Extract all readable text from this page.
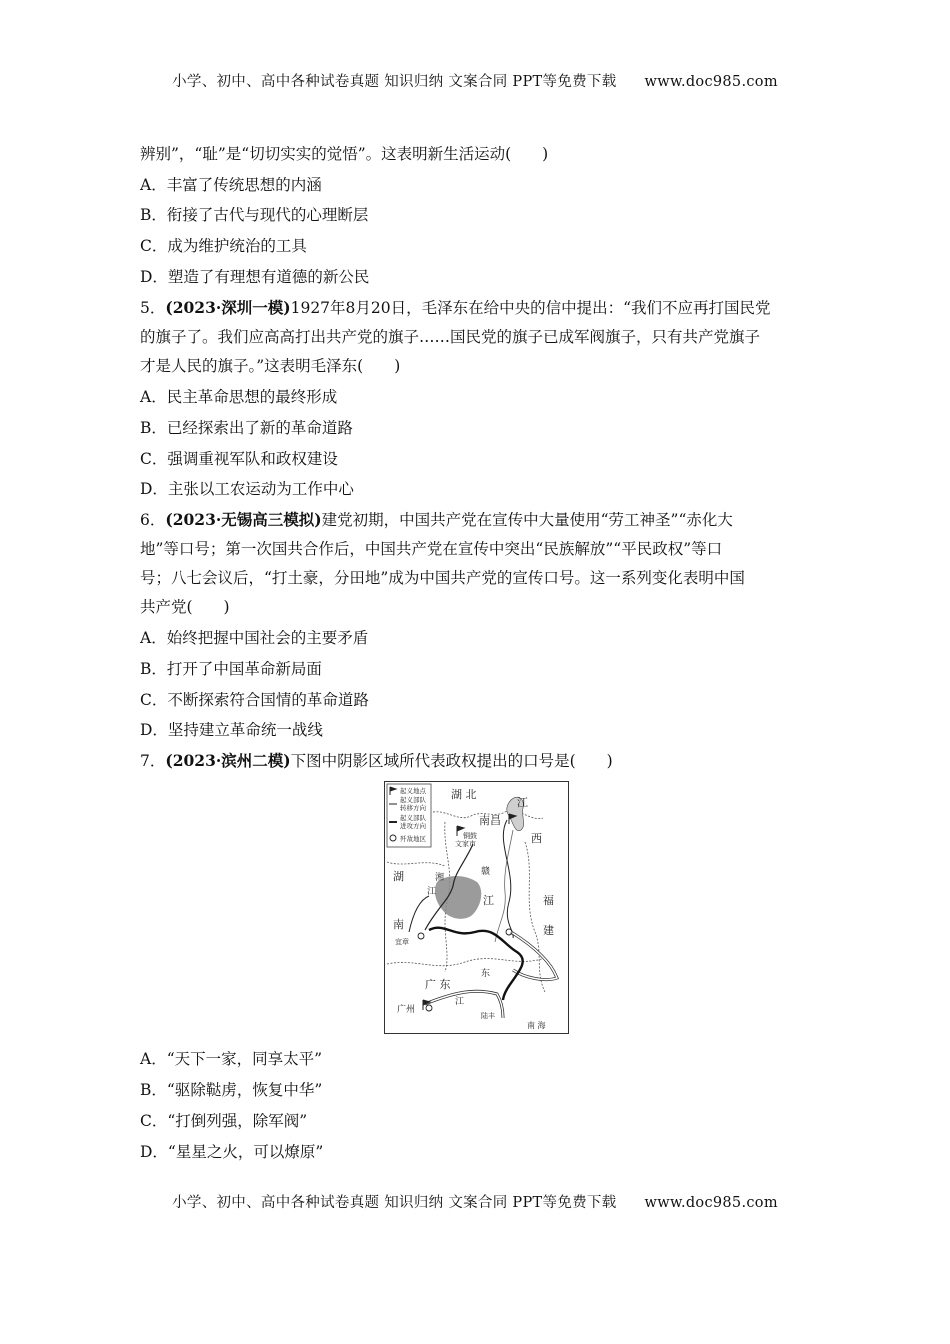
小学、初中、高中各种试卷真题 知识归纳 文案合同 PPT等免费下载 www.doc985.com
辨别”，“耻”是“切切实实的觉悟”。这表明新生活运动(　　)
A．丰富了传统思想的内涵
B．衔接了古代与现代的心理断层
C．成为维护统治的工具
D．塑造了有理想有道德的新公民
5．(2023·深圳一模)1927年8月20日，毛泽东在给中央的信中提出：“我们不应再打国民党
的旗子了。我们应高高打出共产党的旗子……国民党的旗子已成军阀旗子，只有共产党旗子
才是人民的旗子。”这表明毛泽东(　　)
A．民主革命思想的最终形成
B．已经探索出了新的革命道路
C．强调重视军队和政权建设
D．主张以工农运动为工作中心
6．(2023·无锡高三模拟)建党初期，中国共产党在宣传中大量使用“劳工神圣”“赤化大
地”等口号；第一次国共合作后，中国共产党在宣传中突出“民族解放”“平民政权”等口
号；八七会议后，“打土豪，分田地”成为中国共产党的宣传口号。这一系列变化表明中国
共产党(　　)
A．始终把握中国社会的主要矛盾
B．打开了中国革命新局面
C．不断探索符合国情的革命道路
D．坚持建立革命统一战线
7．(2023·滨州二模)下图中阴影区域所代表政权提出的口号是(　　)
起义地点
起义部队
转移方向
起义部队
进攻方向
歼敌地区
湖 北
南昌
江
西
铜鼓
文家市
赣
湖	湘
江
江	福
建
南
宜章
东
广 东
广州
江
陆丰
南 海
A．“天下一家，同享太平”
B．“驱除鞑虏，恢复中华”
C．“打倒列强，除军阀”
D．“星星之火，可以燎原”
小学、初中、高中各种试卷真题 知识归纳 文案合同 PPT等免费下载 www.doc985.com
